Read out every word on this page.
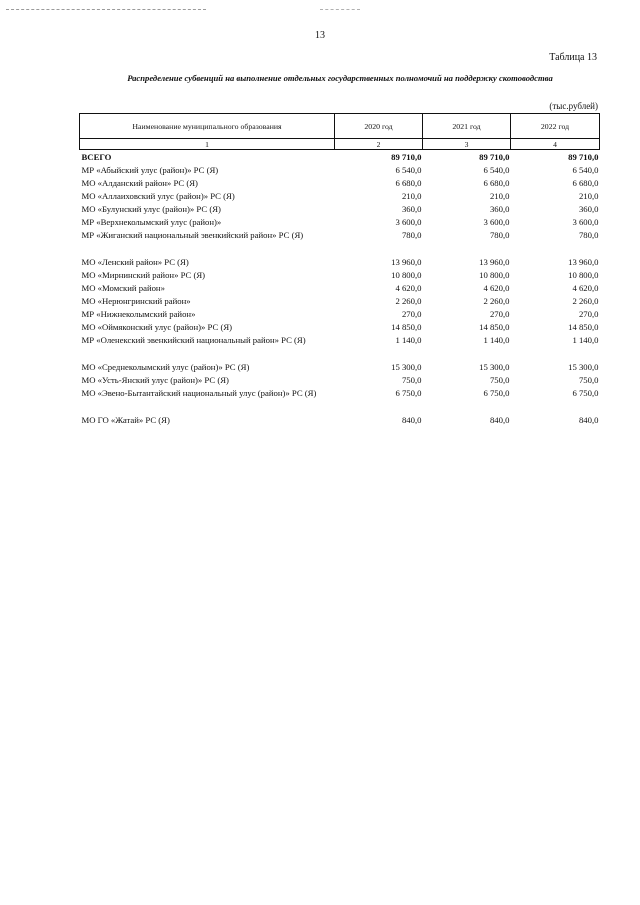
13
Таблица 13
Распределение субвенций на выполнение отдельных государственных полномочий на поддержку скотоводства
(тыс.рублей)
Наименование муниципального образования	2020 год	2021 год	2022 год
1	2	3	4
ВСЕГО	89 710,0	89 710,0	89 710,0
МР «Абыйский улус (район)» РС (Я)	6 540,0	6 540,0	6 540,0
МО «Алданский район» РС (Я)	6 680,0	6 680,0	6 680,0
МО «Аллаиховский улус (район)» РС (Я)	210,0	210,0	210,0
МО «Булунский улус (район)» РС (Я)	360,0	360,0	360,0
МР «Верхнеколымский улус (район)»	3 600,0	3 600,0	3 600,0
МР «Жиганский национальный эвенкийский район» РС (Я)	780,0	780,0	780,0

МО «Ленский район» РС (Я)	13 960,0	13 960,0	13 960,0
МО «Мирнинский район» РС (Я)	10 800,0	10 800,0	10 800,0
МО «Момский район»	4 620,0	4 620,0	4 620,0
МО «Нерюнгринский район»	2 260,0	2 260,0	2 260,0
МР «Нижнеколымский район»	270,0	270,0	270,0
МО «Оймяконский улус (район)» РС (Я)	14 850,0	14 850,0	14 850,0
МР «Оленекский эвенкийский национальный район» РС (Я)	1 140,0	1 140,0	1 140,0

МО «Среднеколымский улус (район)» РС (Я)	15 300,0	15 300,0	15 300,0
МО «Усть-Янский улус (район)» РС (Я)	750,0	750,0	750,0
МО «Эвено-Бытантайский национальный улус (район)» РС (Я)	6 750,0	6 750,0	6 750,0

МО ГО «Жатай» РС (Я)	840,0	840,0	840,0
